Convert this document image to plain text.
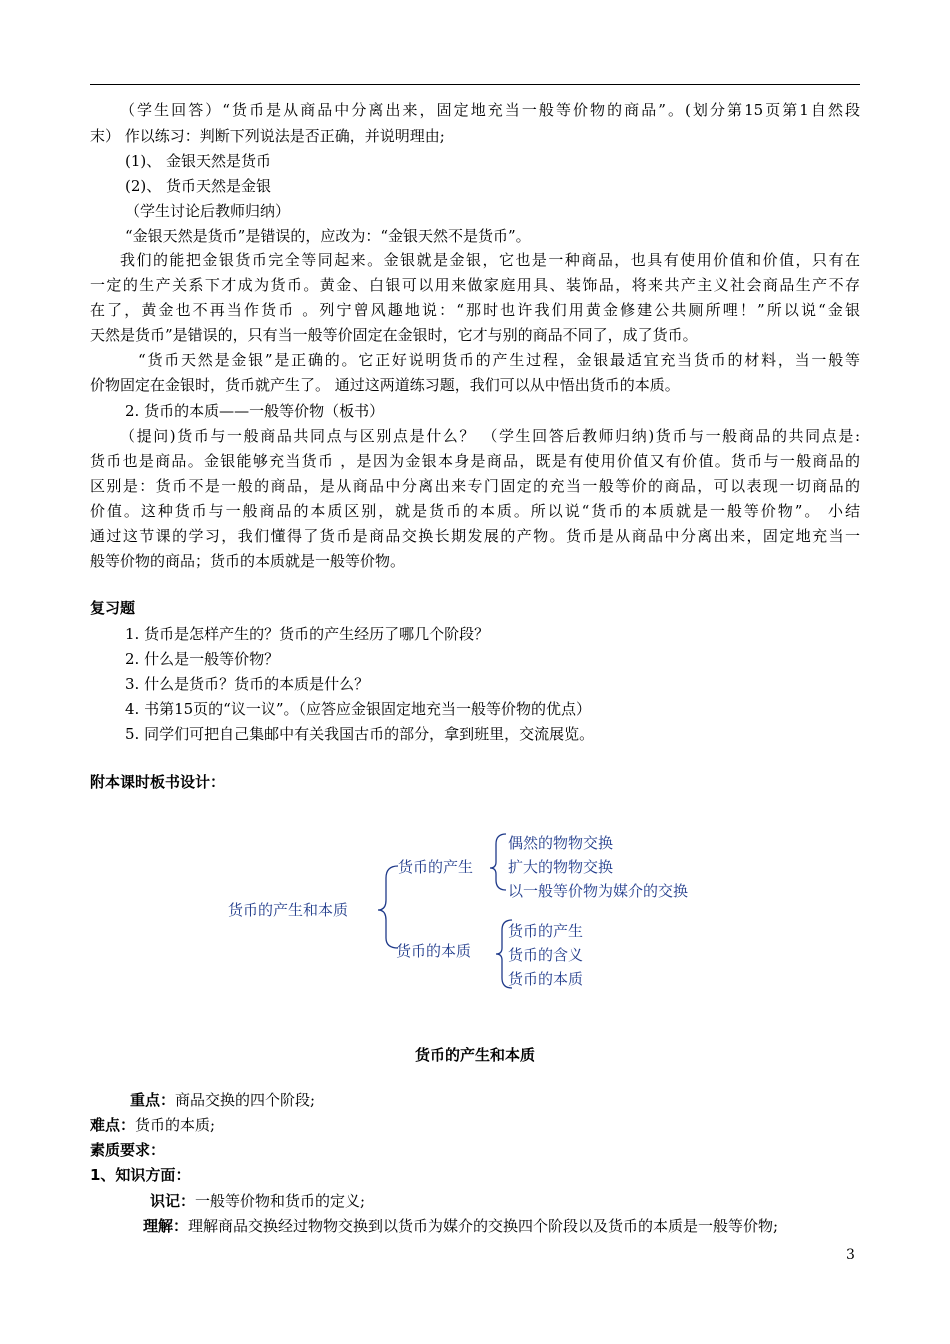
（学生回答）“货币是从商品中分离出来，固定地充当一般等价物的商品”。(划分第15页第1自然段
末） 作以练习：判断下列说法是否正确，并说明理由;
(1)、 金银天然是货币
(2)、 货币天然是金银
（学生讨论后教师归纳）
“金银天然是货币”是错误的，应改为：“金银天然不是货币”。
我们的能把金银货币完全等同起来。金银就是金银，它也是一种商品，也具有使用价值和价值，只有在
一定的生产关系下才成为货币。黄金、白银可以用来做家庭用具、装饰品，将来共产主义社会商品生产不存
在了，黄金也不再当作货币 。列宁曾风趣地说：“那时也许我们用黄金修建公共厕所哩！”所以说“金银
天然是货币”是错误的，只有当一般等价固定在金银时，它才与别的商品不同了，成了货币。
“货币天然是金银”是正确的。它正好说明货币的产生过程，金银最适宜充当货币的材料，当一般等
价物固定在金银时，货币就产生了。 通过这两道练习题，我们可以从中悟出货币的本质。
2. 货币的本质——一般等价物（板书）
（提问)货币与一般商品共同点与区别点是什么？ （学生回答后教师归纳)货币与一般商品的共同点是:
货币也是商品。金银能够充当货币 ，是因为金银本身是商品，既是有使用价值又有价值。货币与一般商品的
区别是：货币不是一般的商品，是从商品中分离出来专门固定的充当一般等价的商品，可以表现一切商品的
价值。这种货币与一般商品的本质区别，就是货币的本质。所以说“货币的本质就是一般等价物”。 小结
通过这节课的学习，我们懂得了货币是商品交换长期发展的产物。货币是从商品中分离出来，固定地充当一
般等价物的商品；货币的本质就是一般等价物。
复习题
1. 货币是怎样产生的？货币的产生经历了哪几个阶段？
2. 什么是一般等价物？
3. 什么是货币？货币的本质是什么？
4. 书第15页的“议一议”。（应答应金银固定地充当一般等价物的优点）
5. 同学们可把自己集邮中有关我国古币的部分，拿到班里，交流展览。
附本课时板书设计：
货币的产生和本质
货币的产生
货币的本质
偶然的物物交换
扩大的物物交换
以一般等价物为媒介的交换
货币的产生
货币的含义
货币的本质
货币的产生和本质
重点：商品交换的四个阶段;
难点：货币的本质;
素质要求：
1、知识方面：
识记：一般等价物和货币的定义;
理解：理解商品交换经过物物交换到以货币为媒介的交换四个阶段以及货币的本质是一般等价物;
3
